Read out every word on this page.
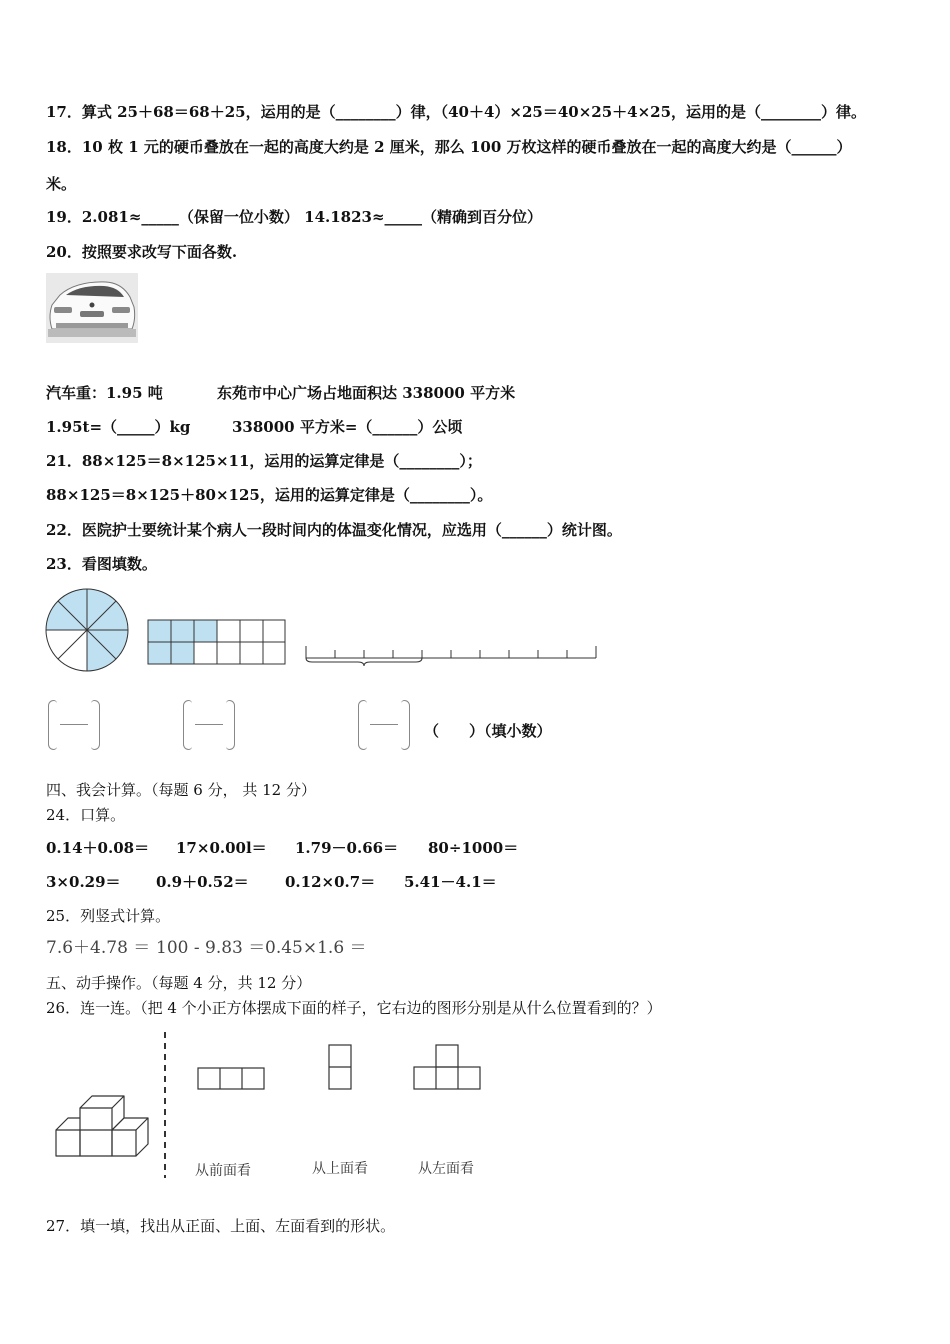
17．算式 25＋68＝68＋25，运用的是（________）律，（40＋4）×25＝40×25＋4×25，运用的是（________）律。
18．10 枚 1 元的硬币叠放在一起的高度大约是 2 厘米，那么 100 万枚这样的硬币叠放在一起的高度大约是（______）
米。
19．2.081≈_____（保留一位小数） 14.1823≈_____（精确到百分位）
20．按照要求改写下面各数.
汽车重：1.95 吨	东苑市中心广场占地面积达 338000 平方米
1.95t=（_____）kg	338000 平方米=（______）公顷
21．88×125＝8×125×11，运用的运算定律是（________）；
88×125＝8×125＋80×125，运用的运算定律是（________）。
22．医院护士要统计某个病人一段时间内的体温变化情况，应选用（______）统计图。
23．看图填数。
（　　）（填小数）
四、我会计算。（每题 6 分， 共 12 分）
24．口算。
0.14＋0.08＝ 17×0.00l＝ 1.79－0.66＝ 80÷1000＝
3×0.29＝ 0.9＋0.52＝ 0.12×0.7＝ 5.41－4.1＝
25．列竖式计算。
7.6＋4.78 ＝ 100 - 9.83 ＝ 0.45×1.6 ＝
五、动手操作。（每题 4 分，共 12 分）
26．连一连。（把 4 个小正方体摆成下面的样子，它右边的图形分别是从什么位置看到的？）
从前面看	从上面看	从左面看
27．填一填，找出从正面、上面、左面看到的形状。
